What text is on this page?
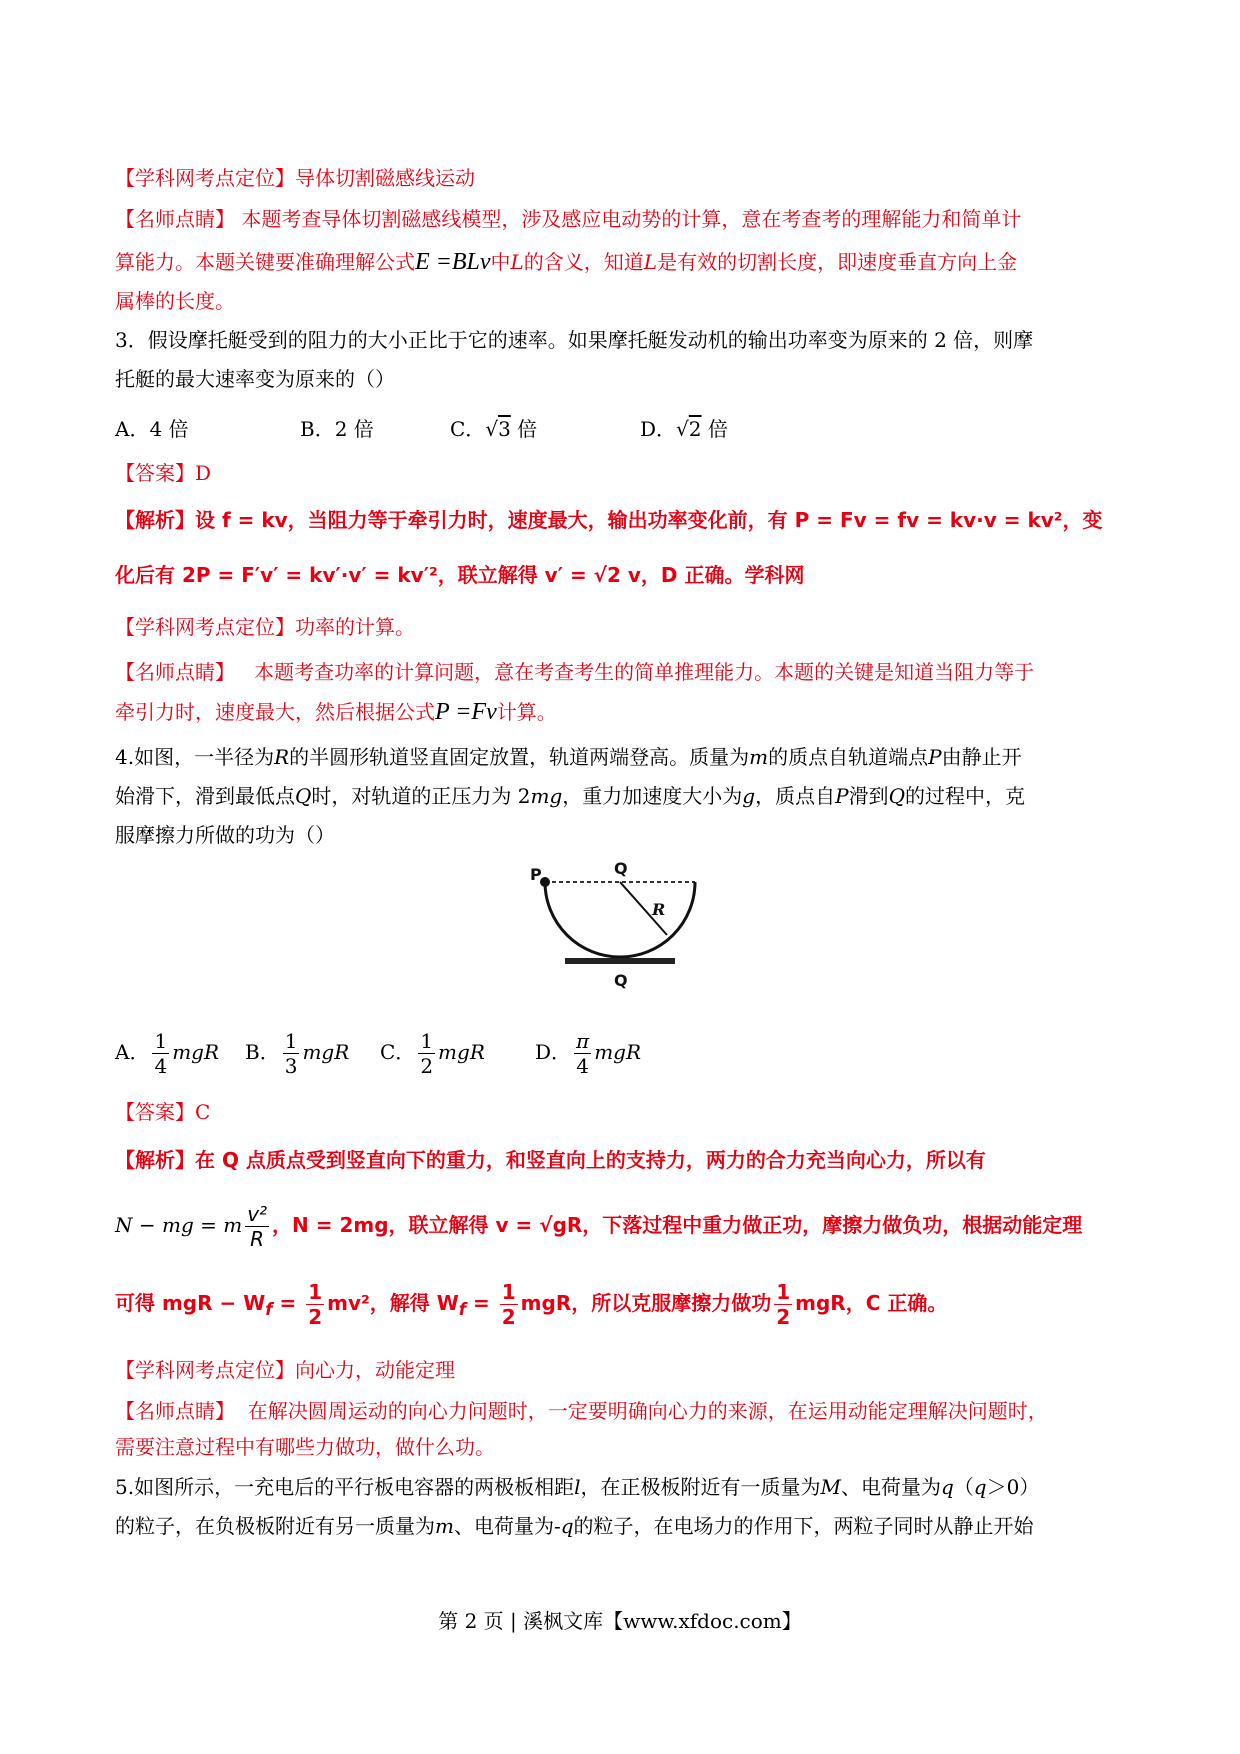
【学科网考点定位】导体切割磁感线运动
【名师点睛】 本题考查导体切割磁感线模型，涉及感应电动势的计算，意在考查考的理解能力和简单计
算能力。本题关键要准确理解公式E =BLv中L的含义，知道L是有效的切割长度，即速度垂直方向上金
属棒的长度。
3．假设摩托艇受到的阻力的大小正比于它的速率。如果摩托艇发动机的输出功率变为原来的 2 倍，则摩
托艇的最大速率变为原来的（）
A．4 倍	B．2 倍	C．√3 倍	D．√2 倍
【答案】D
【解析】设 f = kv，当阻力等于牵引力时，速度最大，输出功率变化前，有 P = Fv = fv = kv·v = kv²，变
化后有 2P = F′v′ = kv′·v′ = kv′²，联立解得 v′ = √2 v，D 正确。学科网
【学科网考点定位】功率的计算。
【名师点睛】 本题考查功率的计算问题，意在考查考生的简单推理能力。本题的关键是知道当阻力等于
牵引力时，速度最大，然后根据公式P =Fv计算。
4.如图，一半径为R的半圆形轨道竖直固定放置，轨道两端登高。质量为m的质点自轨道端点P由静止开
始滑下，滑到最低点Q时，对轨道的正压力为 2mg，重力加速度大小为g，质点自P滑到Q的过程中，克
服摩擦力所做的功为（）
P	Q
R
Q
A． $\frac{1}{4}$ mgR B． $\frac{1}{3}$ mgR C． $\frac{1}{2}$ mgR	D． $\frac{\pi}{4}$ mgR
【答案】C
【解析】在 Q 点质点受到竖直向下的重力，和竖直向上的支持力，两力的合力充当向心力，所以有
N − mg = m $\frac{\text{v²}}{R}$ ，N = 2mg，联立解得 v = √gR，下落过程中重力做正功，摩擦力做负功，根据动能定理
可得 mgR − $W_f = \frac{1}{2} mv^2$，解得 $W_f = \frac{1}{2}$ mgR，所以克服摩擦力做功 $\frac{1}{2}$ mgR，C 正确。
【学科网考点定位】向心力，动能定理
【名师点睛】 在解决圆周运动的向心力问题时，一定要明确向心力的来源，在运用动能定理解决问题时，
需要注意过程中有哪些力做功，做什么功。
5.如图所示，一充电后的平行板电容器的两极板相距l，在正极板附近有一质量为M、电荷量为q（q＞0）
的粒子，在负极板附近有另一质量为m、电荷量为-q的粒子，在电场力的作用下，两粒子同时从静止开始
第 2 页 | 溪枫文库【www.xfdoc.com】
